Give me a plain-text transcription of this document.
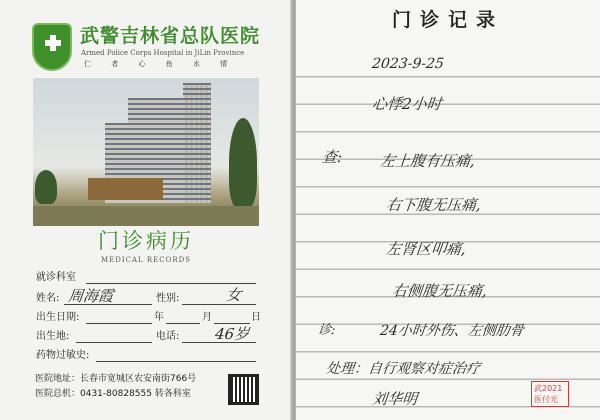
武警吉林省总队医院
Armed Police Corps Hospital in JiLin Province
仁 者 心 鱼 水 情
门诊病历
MEDICAL RECORDS
就诊科室
姓名: 周海霞	性别:	女
出生日期:	年	月	日
出生地:	电话: 46岁
药物过敏史:
医院地址：长春市宽城区农安南街766号
医院总机：0431-80828555 转各科室
门诊记录
2023-9-25
心悸2小时
查: 左上腹有压痛,
右下腹无压痛,
左肾区叩痛,
右侧腹无压痛,
诊:	24小时外伤、左侧肋骨
处理：自行观察对症治疗
刘华明
武2021
医付光
